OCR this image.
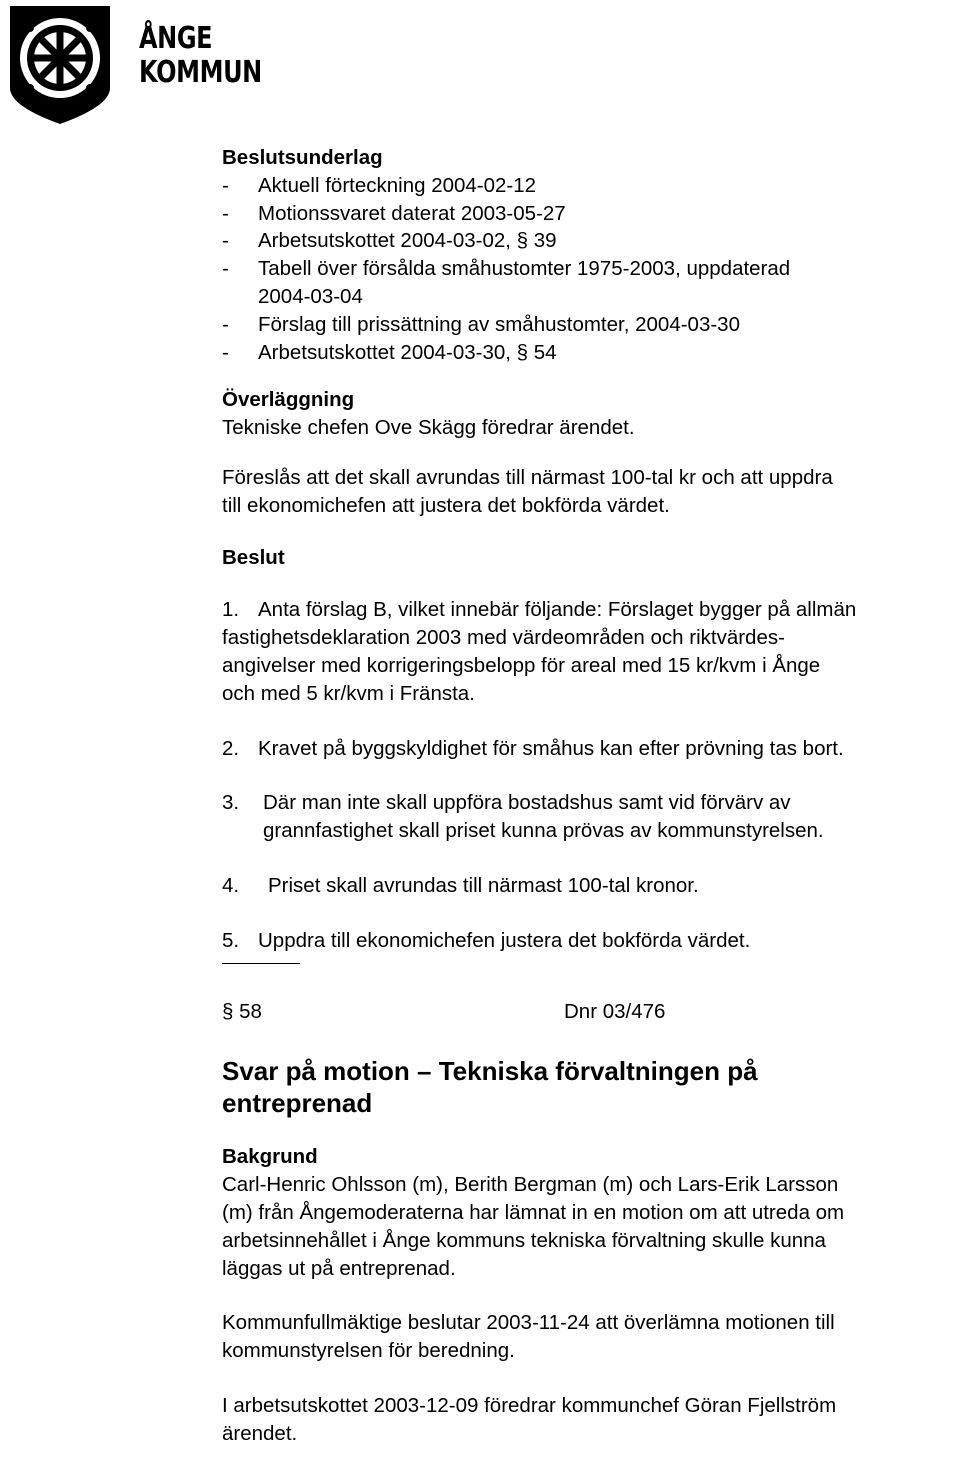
ÅNGE
KOMMUN
Beslutsunderlag
- Aktuell förteckning 2004-02-12
- Motionssvaret daterat 2003-05-27
- Arbetsutskottet 2004-03-02, § 39
- Tabell över försålda småhustomter 1975-2003, uppdaterad
2004-03-04
- Förslag till prissättning av småhustomter, 2004-03-30
- Arbetsutskottet 2004-03-30, § 54
Överläggning
Tekniske chefen Ove Skägg föredrar ärendet.
Föreslås att det skall avrundas till närmast 100-tal kr och att uppdra
till ekonomichefen att justera det bokförda värdet.
Beslut
1. Anta förslag B, vilket innebär följande: Förslaget bygger på allmän
fastighetsdeklaration 2003 med värdeområden och riktvärdes-
angivelser med korrigeringsbelopp för areal med 15 kr/kvm i Ånge
och med 5 kr/kvm i Fränsta.
2. Kravet på byggskyldighet för småhus kan efter prövning tas bort.
3. Där man inte skall uppföra bostadshus samt vid förvärv av
grannfastighet skall priset kunna prövas av kommunstyrelsen.
4. Priset skall avrundas till närmast 100-tal kronor.
5. Uppdra till ekonomichefen justera det bokförda värdet.
§ 58	Dnr 03/476
Svar på motion – Tekniska förvaltningen på
entreprenad
Bakgrund
Carl-Henric Ohlsson (m), Berith Bergman (m) och Lars-Erik Larsson
(m) från Ångemoderaterna har lämnat in en motion om att utreda om
arbetsinnehållet i Ånge kommuns tekniska förvaltning skulle kunna
läggas ut på entreprenad.
Kommunfullmäktige beslutar 2003-11-24 att överlämna motionen till
kommunstyrelsen för beredning.
I arbetsutskottet 2003-12-09 föredrar kommunchef Göran Fjellström
ärendet.
